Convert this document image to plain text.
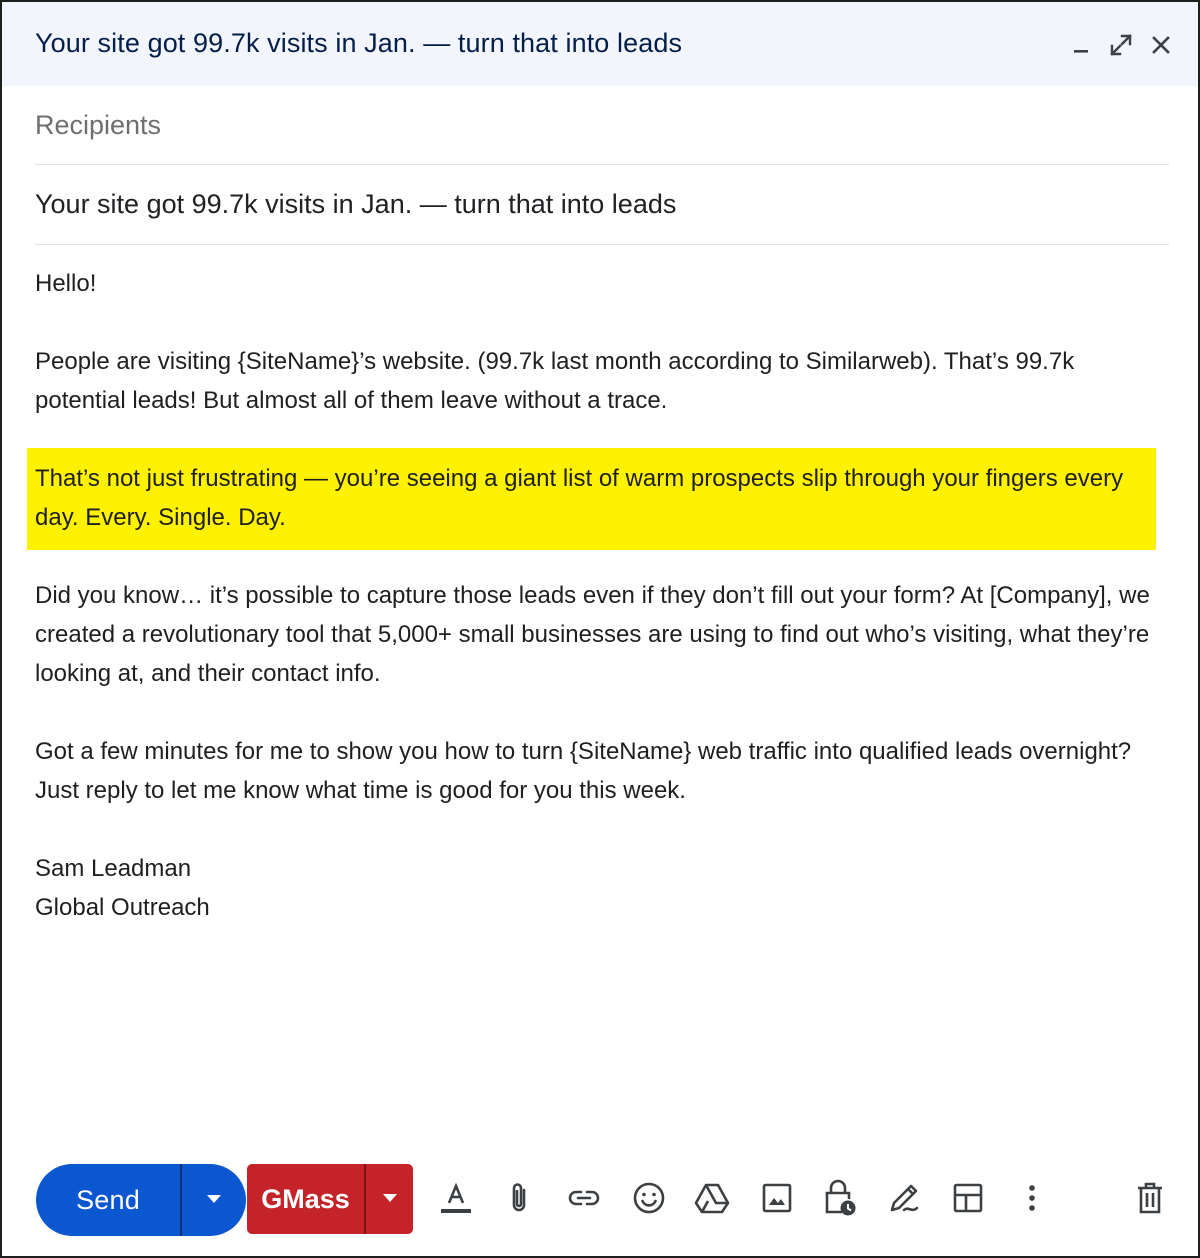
Your site got 99.7k visits in Jan. — turn that into leads
Recipients
Your site got 99.7k visits in Jan. — turn that into leads

Hello!

People are visiting {SiteName}’s website. (99.7k last month according to Similarweb). That’s 99.7k potential leads! But almost all of them leave without a trace.

That’s not just frustrating — you’re seeing a giant list of warm prospects slip through your fingers every day. Every. Single. Day.

Did you know… it’s possible to capture those leads even if they don’t fill out your form? At [Company], we created a revolutionary tool that 5,000+ small businesses are using to find out who’s visiting, what they’re looking at, and their contact info.

Got a few minutes for me to show you how to turn {SiteName} web traffic into qualified leads overnight? Just reply to let me know what time is good for you this week.

Sam Leadman

Global Outreach

Send	GMass
